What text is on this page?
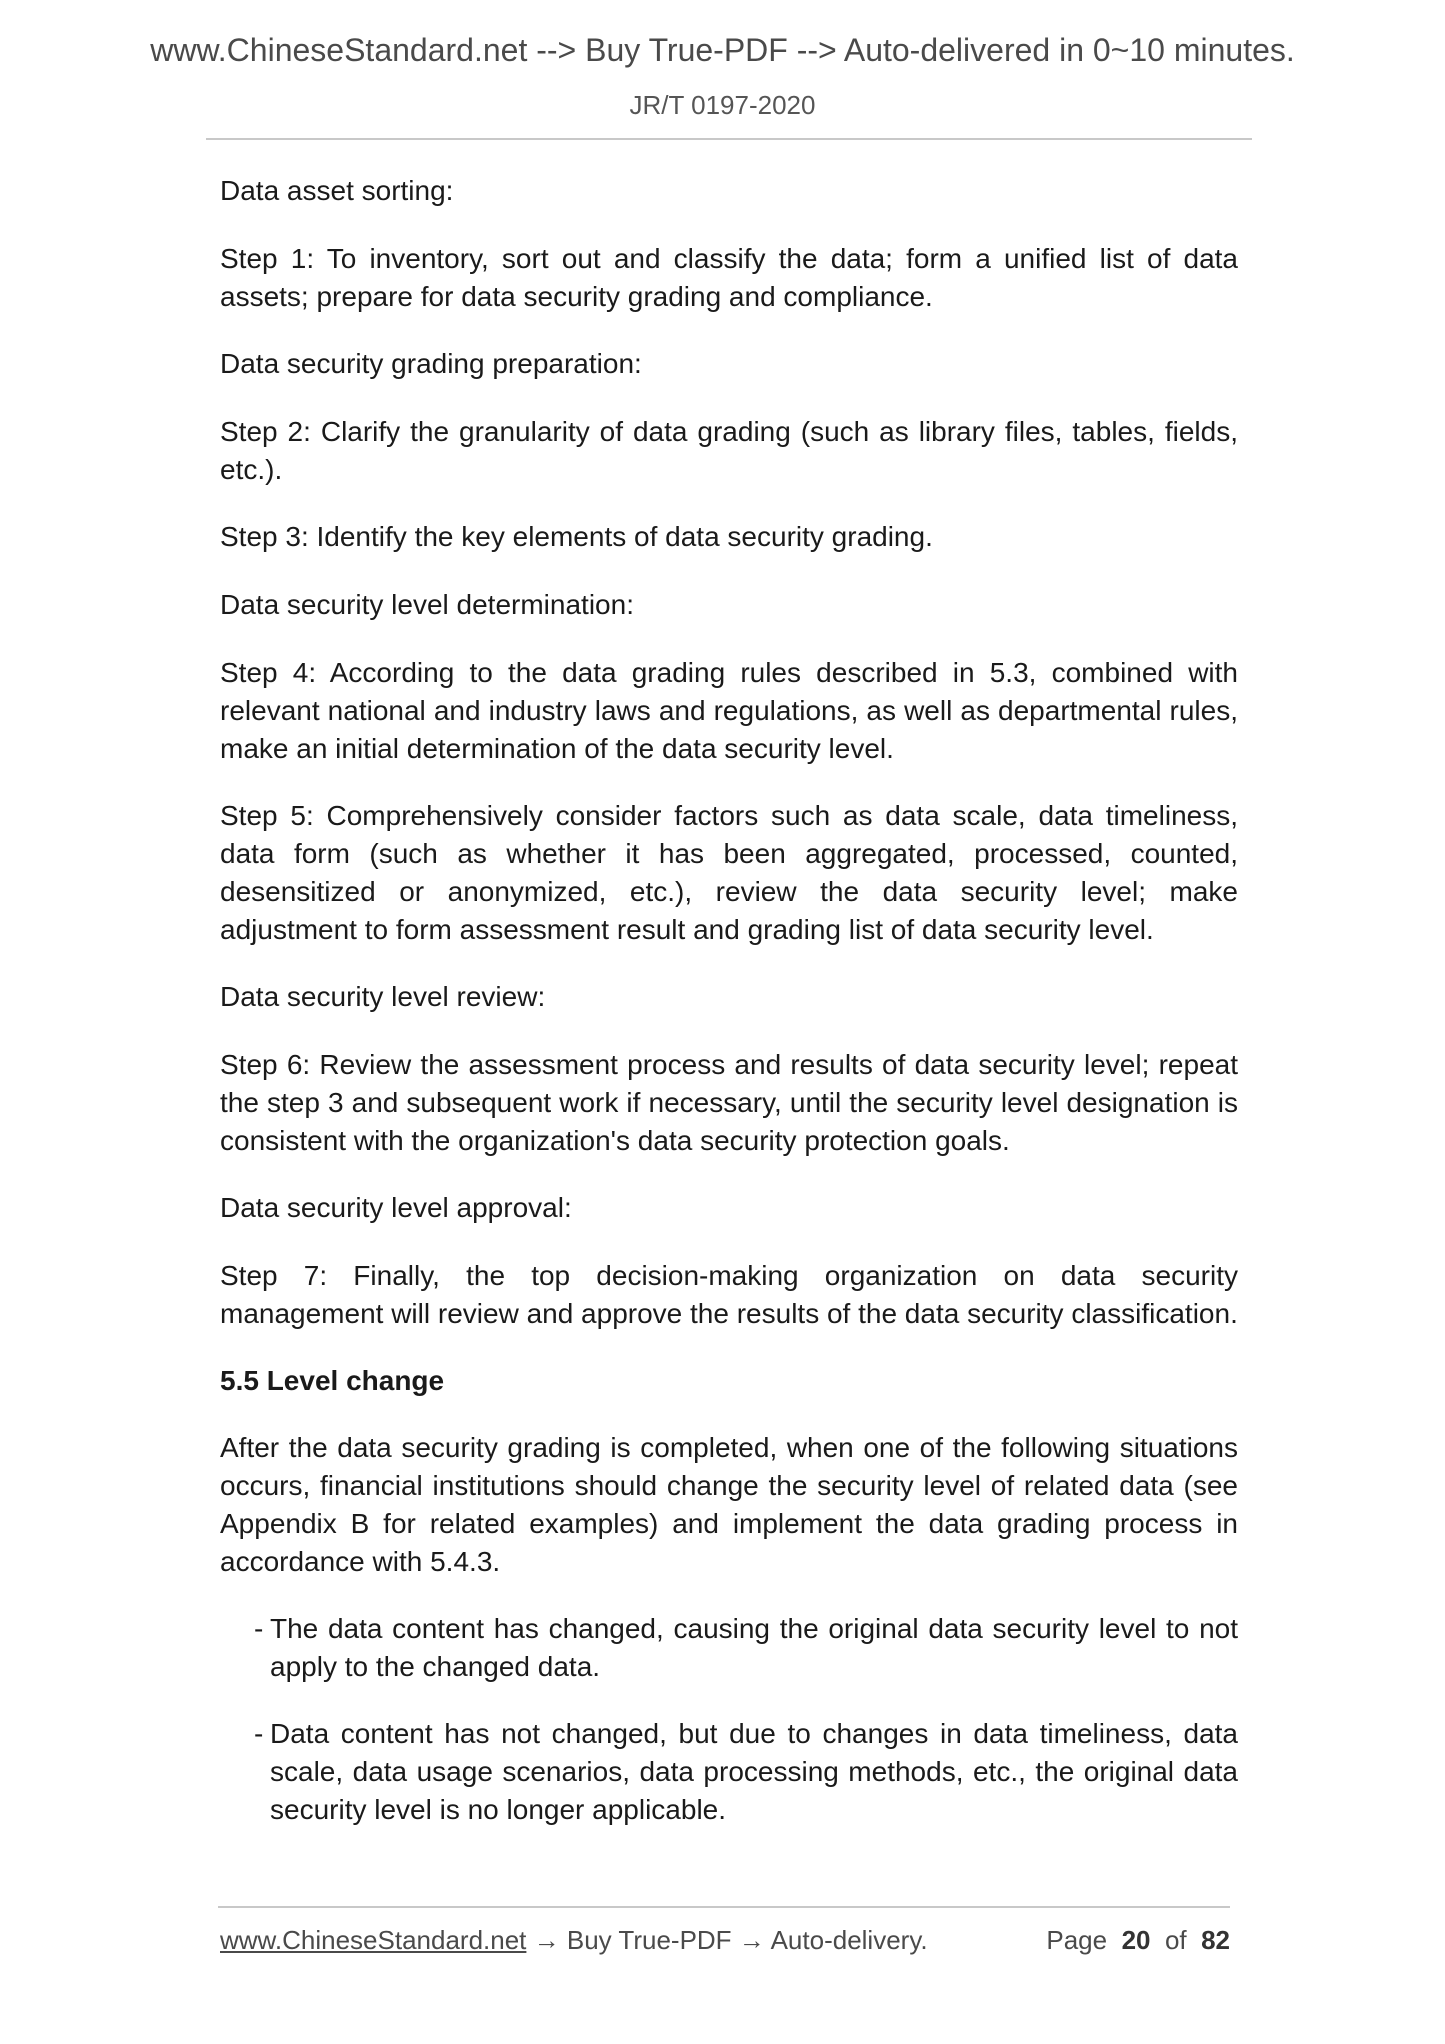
www.ChineseStandard.net --> Buy True-PDF --> Auto-delivered in 0~10 minutes.
JR/T 0197-2020

Data asset sorting:

Step 1: To inventory, sort out and classify the data; form a unified list of data assets; prepare for data security grading and compliance.

Data security grading preparation:

Step 2: Clarify the granularity of data grading (such as library files, tables, fields, etc.).

Step 3: Identify the key elements of data security grading.

Data security level determination:

Step 4: According to the data grading rules described in 5.3, combined with relevant national and industry laws and regulations, as well as departmental rules, make an initial determination of the data security level.

Step 5: Comprehensively consider factors such as data scale, data timeliness, data form (such as whether it has been aggregated, processed, counted, desensitized or anonymized, etc.), review the data security level; make adjustment to form assessment result and grading list of data security level.

Data security level review:

Step 6: Review the assessment process and results of data security level; repeat the step 3 and subsequent work if necessary, until the security level designation is consistent with the organization's data security protection goals.

Data security level approval:

Step 7: Finally, the top decision-making organization on data security management will review and approve the results of the data security classification.

5.5 Level change

After the data security grading is completed, when one of the following situations occurs, financial institutions should change the security level of related data (see Appendix B for related examples) and implement the data grading process in accordance with 5.4.3.

- The data content has changed, causing the original data security level to not apply to the changed data.
- Data content has not changed, but due to changes in data timeliness, data scale, data usage scenarios, data processing methods, etc., the original data security level is no longer applicable.
www.ChineseStandard.net → Buy True-PDF → Auto-delivery.	Page 20 of 82
